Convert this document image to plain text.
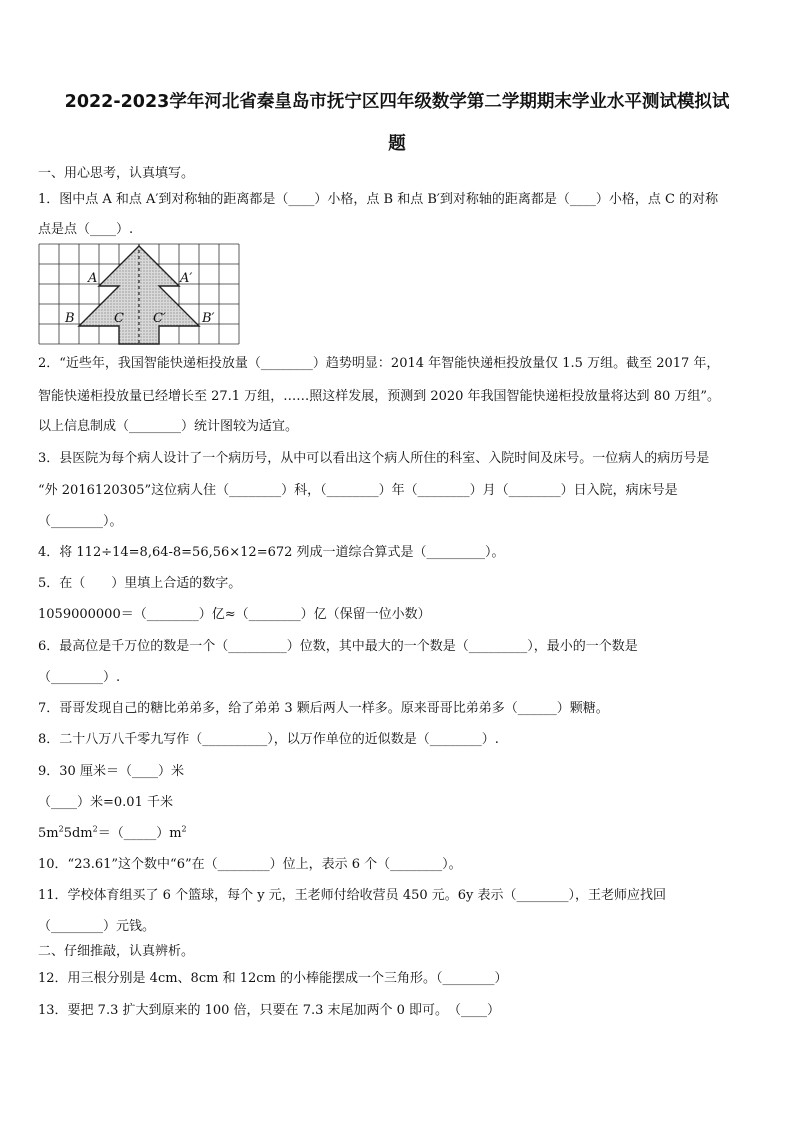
2022-2023学年河北省秦皇岛市抚宁区四年级数学第二学期期末学业水平测试模拟试
题
一、用心思考，认真填写。
1．图中点 A 和点 A′到对称轴的距离都是（____）小格，点 B 和点 B′到对称轴的距离都是（____）小格，点 C 的对称
点是点（____）.
A	A′
B	B′
C C′
2．“近些年，我国智能快递柜投放量（________）趋势明显：2014 年智能快递柜投放量仅 1.5 万组。截至 2017 年，
智能快递柜投放量已经增长至 27.1 万组，……照这样发展，预测到 2020 年我国智能快递柜投放量将达到 80 万组”。
以上信息制成（________）统计图较为适宜。
3．县医院为每个病人设计了一个病历号，从中可以看出这个病人所住的科室、入院时间及床号。一位病人的病历号是
“外 2016120305”这位病人住（________）科，（________）年（________）月（________）日入院，病床号是
（________）。
4．将 112÷14=8,64-8=56,56×12=672 列成一道综合算式是（_________）。
5．在（　　）里填上合适的数字。
1059000000＝（________）亿≈（________）亿（保留一位小数）
6．最高位是千万位的数是一个（_________）位数，其中最大的一个数是（_________），最小的一个数是
（________）.
7．哥哥发现自己的糖比弟弟多，给了弟弟 3 颗后两人一样多。原来哥哥比弟弟多（______）颗糖。
8．二十八万八千零九写作（__________），以万作单位的近似数是（________）.
9．30 厘米＝（____）米
（____）米=0.01 千米
$5m^25dm^2=(\_\_\_\_\_)m^2$
10．“23.61”这个数中“6”在（________）位上，表示 6 个（________）。
11．学校体育组买了 6 个篮球，每个 y 元，王老师付给收营员 450 元。6y 表示（________），王老师应找回
（________）元钱。
二、仔细推敲，认真辨析。
12．用三根分别是 4cm、8cm 和 12cm 的小棒能摆成一个三角形。（________）
13．要把 7.3 扩大到原来的 100 倍，只要在 7.3 末尾加两个 0 即可。　（____）
